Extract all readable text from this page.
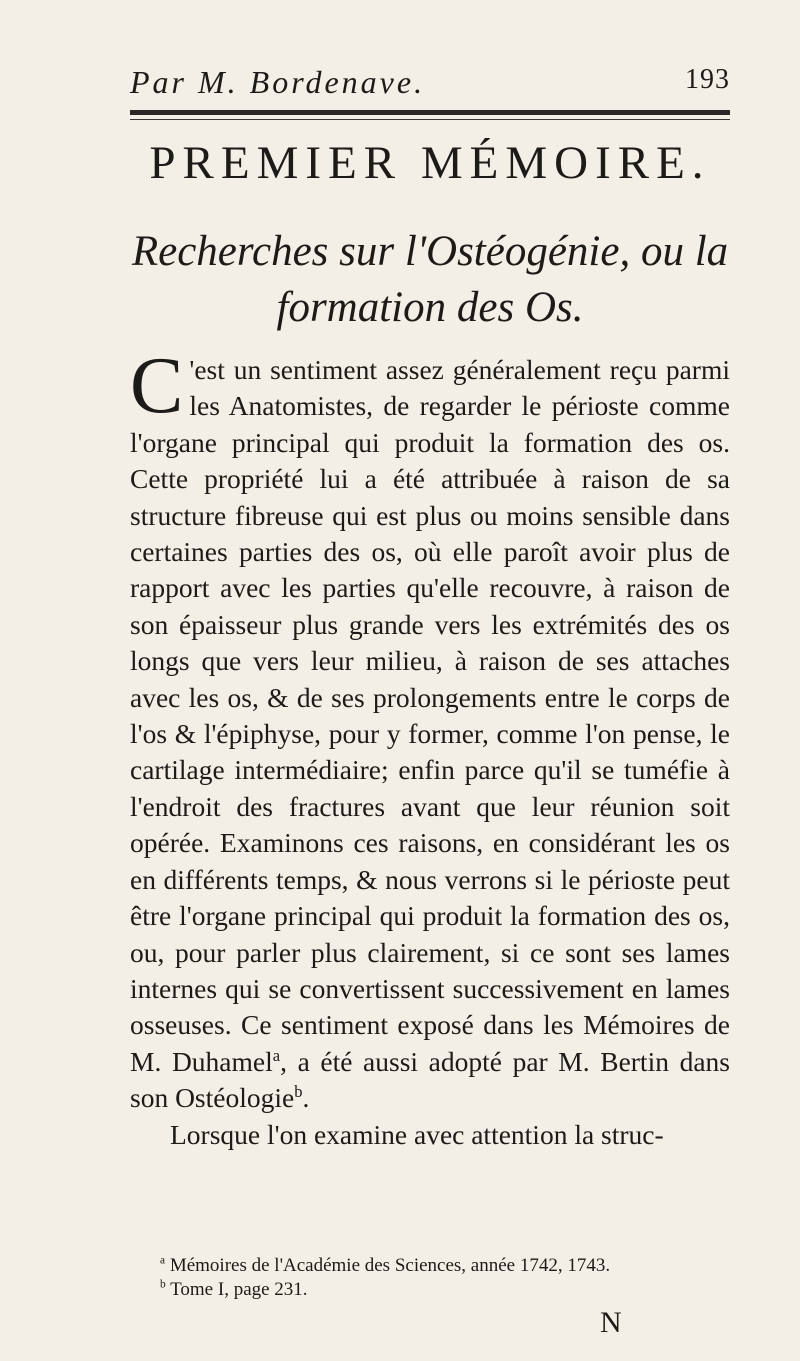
Par M. Bordenave.	193
PREMIER MÉMOIRE.
Recherches sur l'Ostéogénie, ou la formation des Os.

C 'est un sentiment assez généralement reçu parmi les Anatomistes, de regarder le périoste comme l'organe principal qui produit la formation des os. Cette propriété lui a été attribuée à raison de sa structure fibreuse qui est plus ou moins sensible dans certaines parties des os, où elle paroît avoir plus de rapport avec les parties qu'elle recouvre, à raison de son épaisseur plus grande vers les extrémités des os longs que vers leur milieu, à raison de ses attaches avec les os, & de ses prolongements entre le corps de l'os & l'épiphyse, pour y former, comme l'on pense, le cartilage intermédiaire; enfin parce qu'il se tuméfie à l'endroit des fractures avant que leur réunion soit opérée. Examinons ces raisons, en considérant les os en différents temps, & nous verrons si le périoste peut être l'organe principal qui produit la formation des os, ou, pour parler plus clairement, si ce sont ses lames internes qui se convertissent successivement en lames osseuses. Ce sentiment exposé dans les Mémoires de M. Duhamel$^a$, a été aussi adopté par M. Bertin dans son Ostéologie$^b$.

Lorsque l'on examine avec attention la struc-

$^a$ Mémoires de l'Académie des Sciences, année 1742, 1743.
$^b$ Tome I, page 231.
N
